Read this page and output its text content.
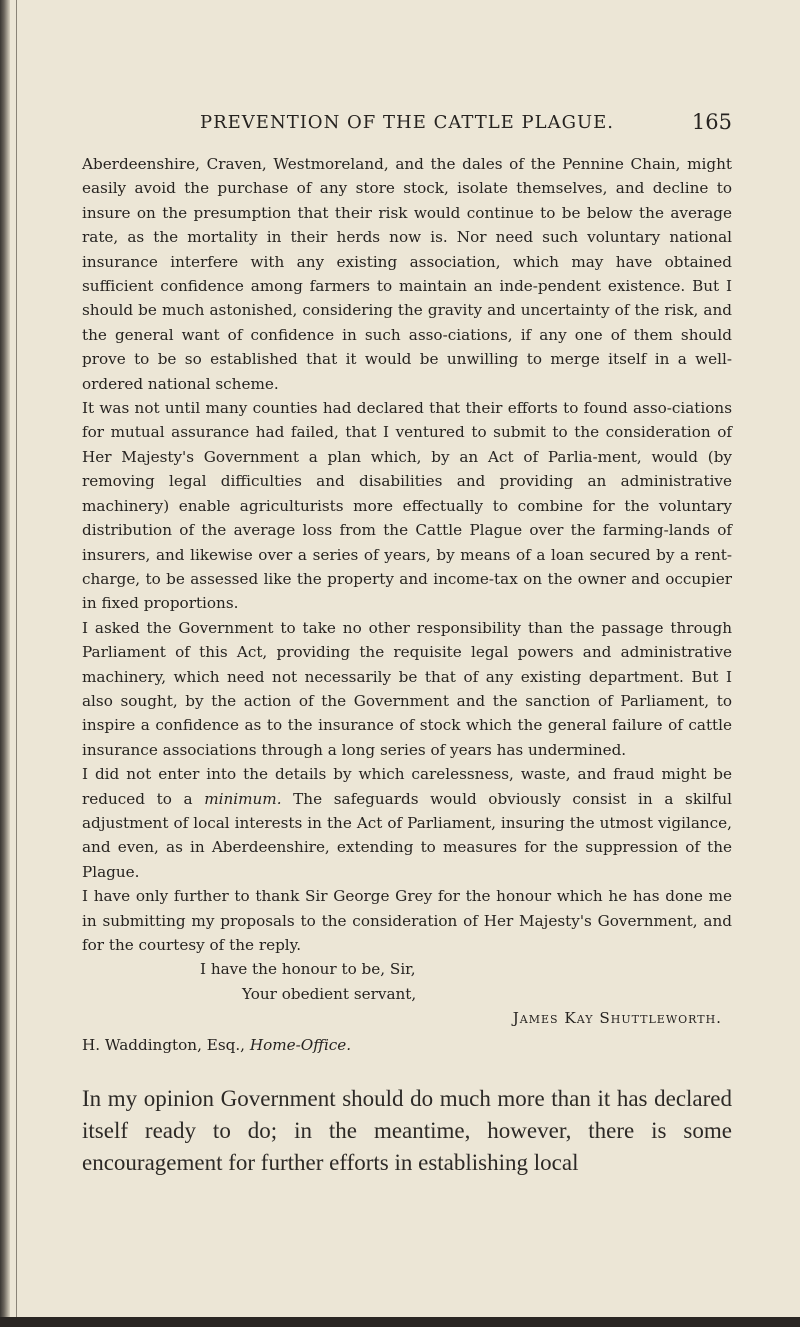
PREVENTION OF THE CATTLE PLAGUE.	165

Aberdeenshire, Craven, Westmoreland, and the dales of the Pennine Chain, might easily avoid the purchase of any store stock, isolate themselves, and decline to insure on the presumption that their risk would continue to be below the average rate, as the mortality in their herds now is. Nor need such voluntary national insurance interfere with any existing association, which may have obtained sufficient confidence among farmers to maintain an inde-pendent existence. But I should be much astonished, considering the gravity and uncertainty of the risk, and the general want of confidence in such asso-ciations, if any one of them should prove to be so established that it would be unwilling to merge itself in a well-ordered national scheme.

It was not until many counties had declared that their efforts to found asso-ciations for mutual assurance had failed, that I ventured to submit to the consideration of Her Majesty's Government a plan which, by an Act of Parlia-ment, would (by removing legal difficulties and disabilities and providing an administrative machinery) enable agriculturists more effectually to combine for the voluntary distribution of the average loss from the Cattle Plague over the farming-lands of insurers, and likewise over a series of years, by means of a loan secured by a rent-charge, to be assessed like the property and income-tax on the owner and occupier in fixed proportions.

I asked the Government to take no other responsibility than the passage through Parliament of this Act, providing the requisite legal powers and administrative machinery, which need not necessarily be that of any existing department. But I also sought, by the action of the Government and the sanction of Parliament, to inspire a confidence as to the insurance of stock which the general failure of cattle insurance associations through a long series of years has undermined.

I did not enter into the details by which carelessness, waste, and fraud might be reduced to a minimum. The safeguards would obviously consist in a skilful adjustment of local interests in the Act of Parliament, insuring the utmost vigilance, and even, as in Aberdeenshire, extending to measures for the suppression of the Plague.

I have only further to thank Sir George Grey for the honour which he has done me in submitting my proposals to the consideration of Her Majesty's Government, and for the courtesy of the reply.

I have the honour to be, Sir,
Your obedient servant,
James Kay Shuttleworth.
H. Waddington, Esq., Home-Office.
In my opinion Government should do much more than it has declared itself ready to do; in the meantime, however, there is some encouragement for further efforts in establishing local
